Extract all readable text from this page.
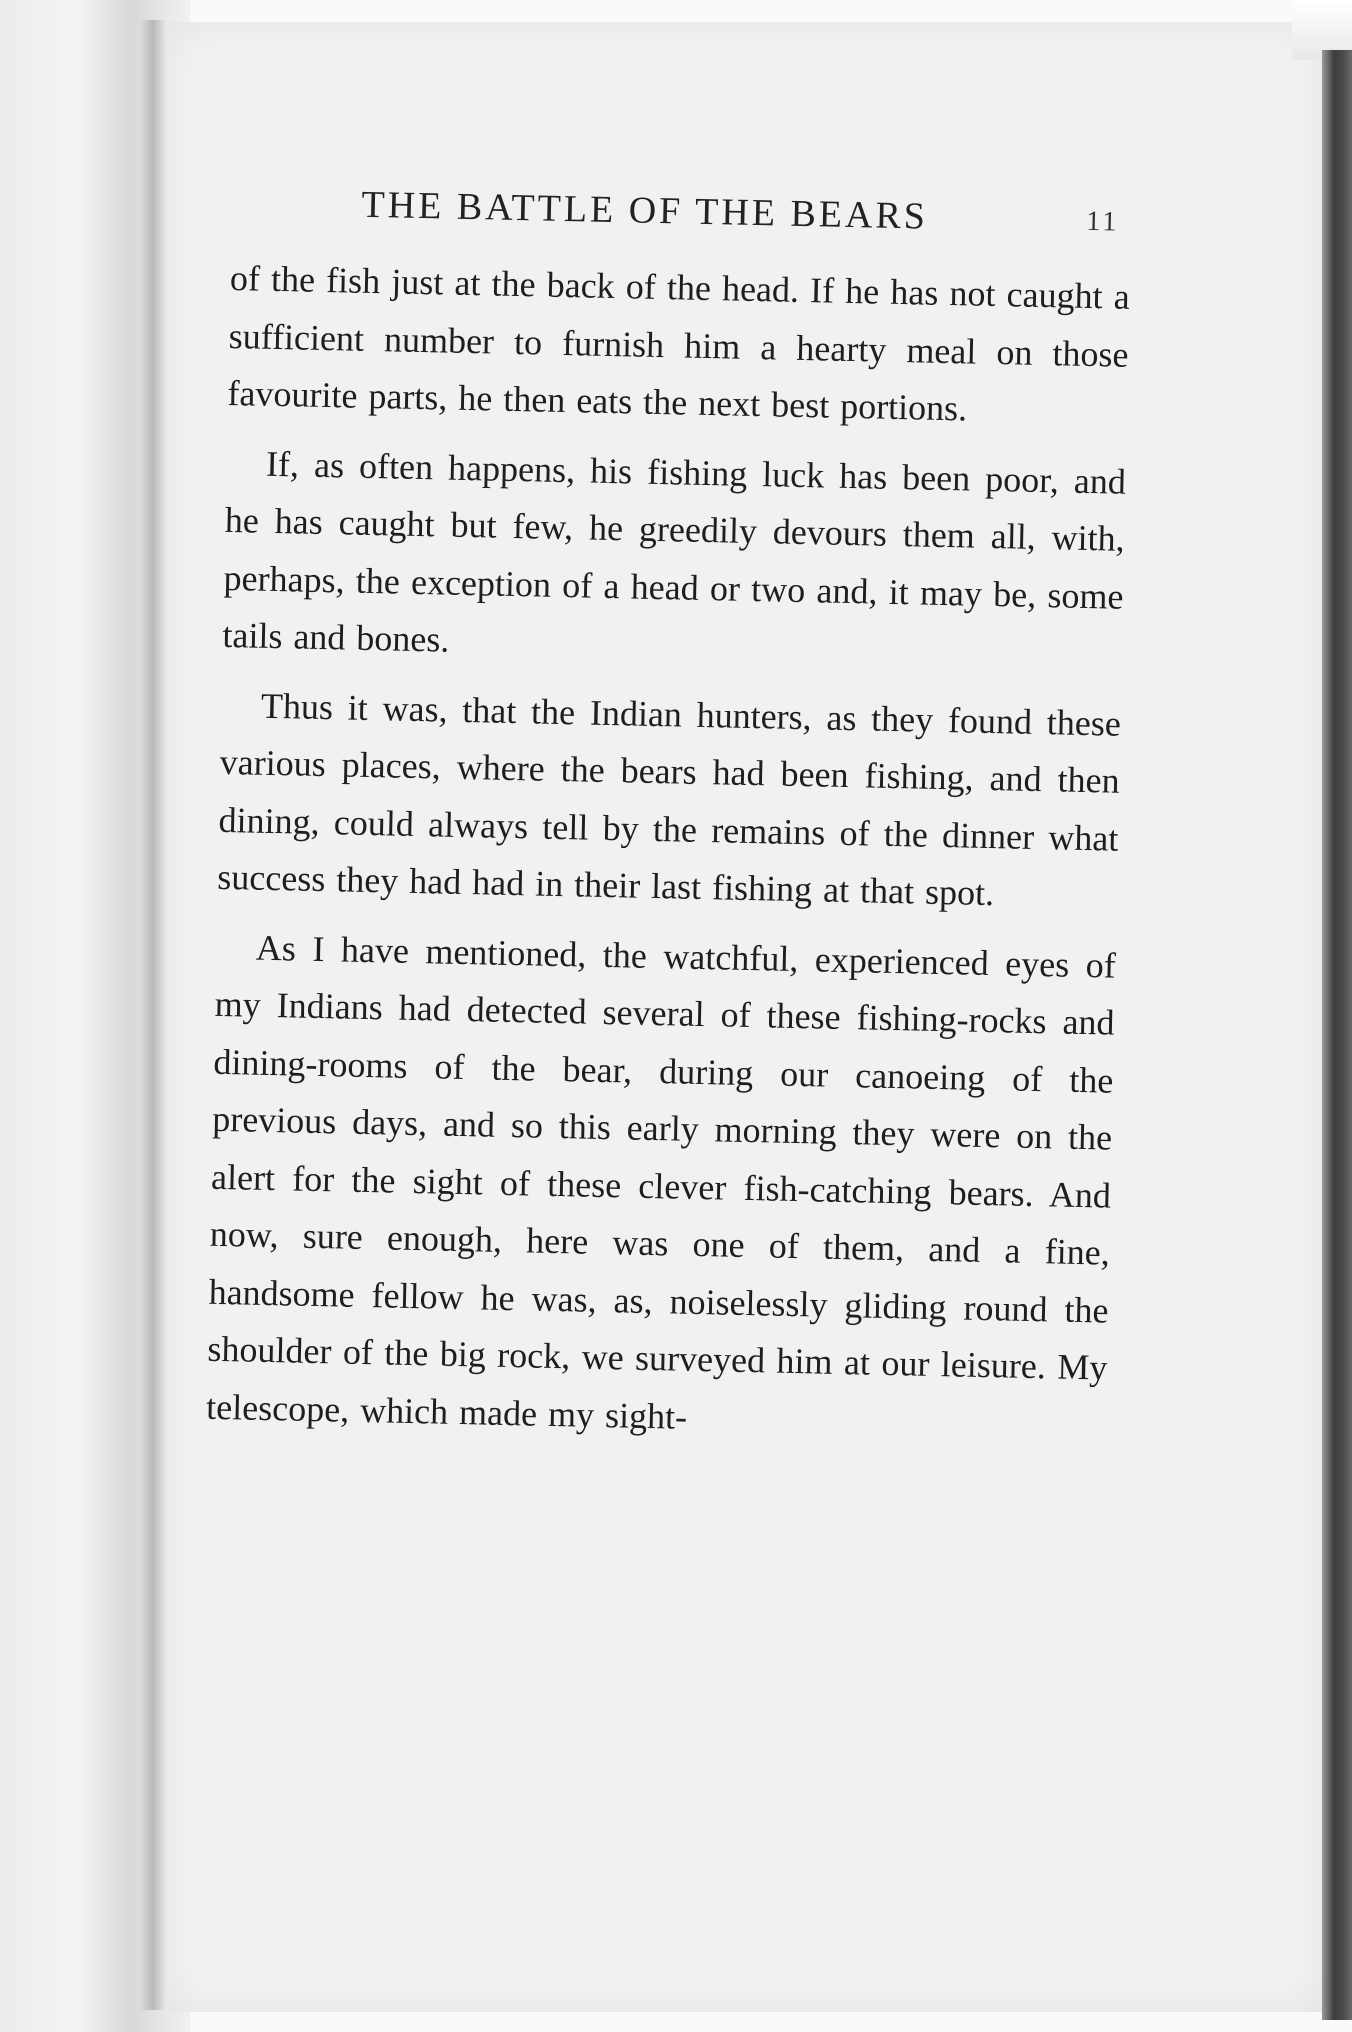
THE BATTLE OF THE BEARS	11

of the fish just at the back of the head. If he has not caught a sufficient number to furnish him a hearty meal on those favourite parts, he then eats the next best portions.

If, as often happens, his fishing luck has been poor, and he has caught but few, he greedily devours them all, with, perhaps, the exception of a head or two and, it may be, some tails and bones.

Thus it was, that the Indian hunters, as they found these various places, where the bears had been fishing, and then dining, could always tell by the remains of the dinner what success they had had in their last fishing at that spot.

As I have mentioned, the watchful, experienced eyes of my Indians had detected several of these fishing-rocks and dining-rooms of the bear, during our canoeing of the previous days, and so this early morning they were on the alert for the sight of these clever fish-catching bears. And now, sure enough, here was one of them, and a fine, handsome fellow he was, as, noiselessly gliding round the shoulder of the big rock, we surveyed him at our leisure. My telescope, which made my sight-
